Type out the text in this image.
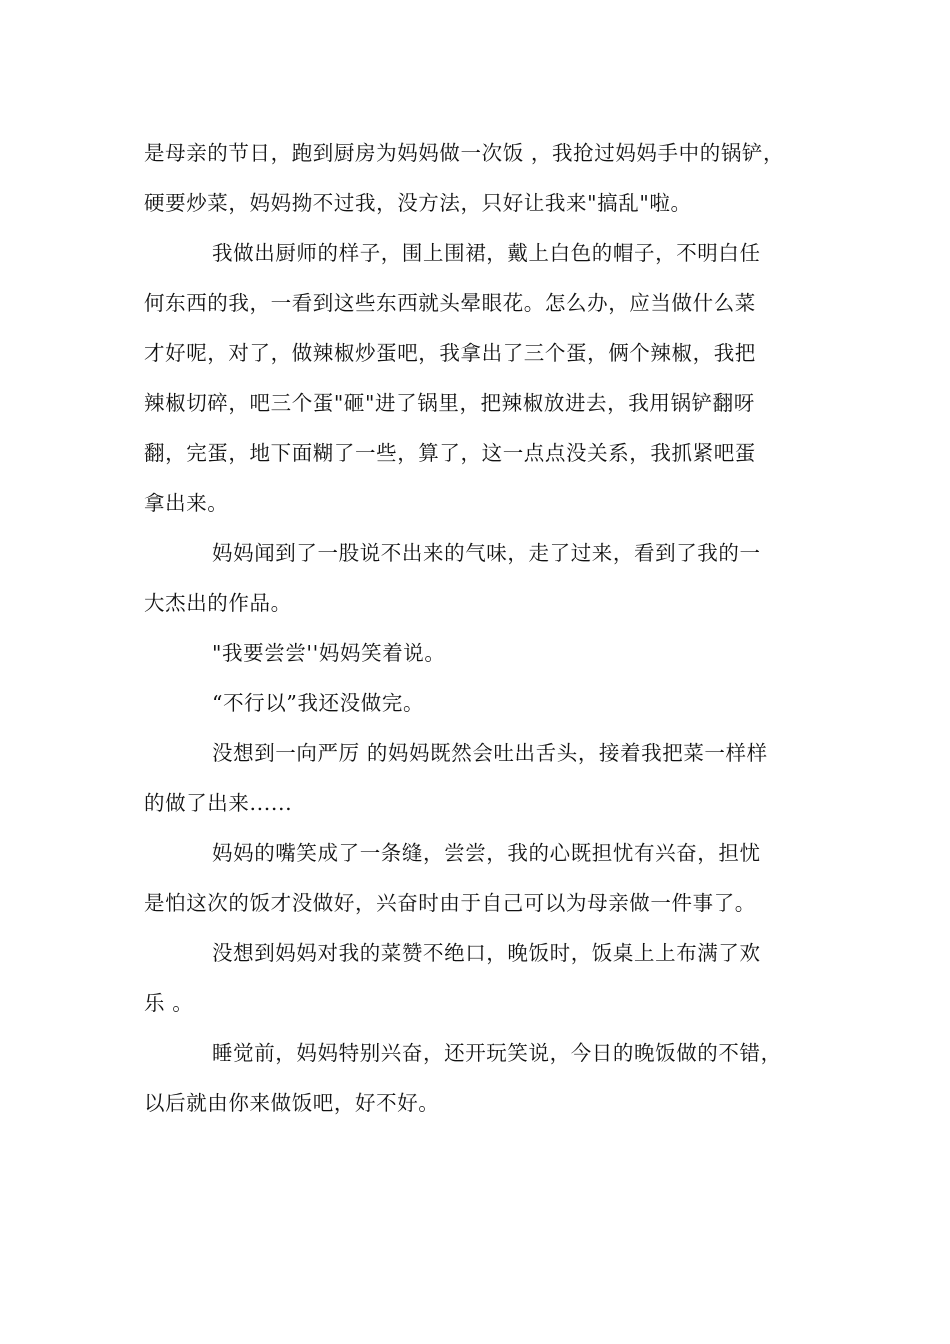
是母亲的节日，跑到厨房为妈妈做一次饭 ，我抢过妈妈手中的锅铲，
硬要炒菜，妈妈拗不过我，没方法，只好让我来"搞乱"啦。
我做出厨师的样子，围上围裙，戴上白色的帽子，不明白任
何东西的我，一看到这些东西就头晕眼花。怎么办，应当做什么菜
才好呢，对了，做辣椒炒蛋吧，我拿出了三个蛋，俩个辣椒，我把
辣椒切碎，吧三个蛋"砸"进了锅里，把辣椒放进去，我用锅铲翻呀
翻，完蛋，地下面糊了一些，算了，这一点点没关系，我抓紧吧蛋
拿出来。
妈妈闻到了一股说不出来的气味，走了过来，看到了我的一
大杰出的作品。
"我要尝尝''妈妈笑着说。
“不行以”我还没做完。
没想到一向严厉 的妈妈既然会吐出舌头，接着我把菜一样样
的做了出来......
妈妈的嘴笑成了一条缝，尝尝，我的心既担忧有兴奋，担忧
是怕这次的饭才没做好，兴奋时由于自己可以为母亲做一件事了。
没想到妈妈对我的菜赞不绝口，晚饭时，饭桌上上布满了欢
乐 。
睡觉前，妈妈特别兴奋，还开玩笑说，今日的晚饭做的不错，
以后就由你来做饭吧，好不好。
